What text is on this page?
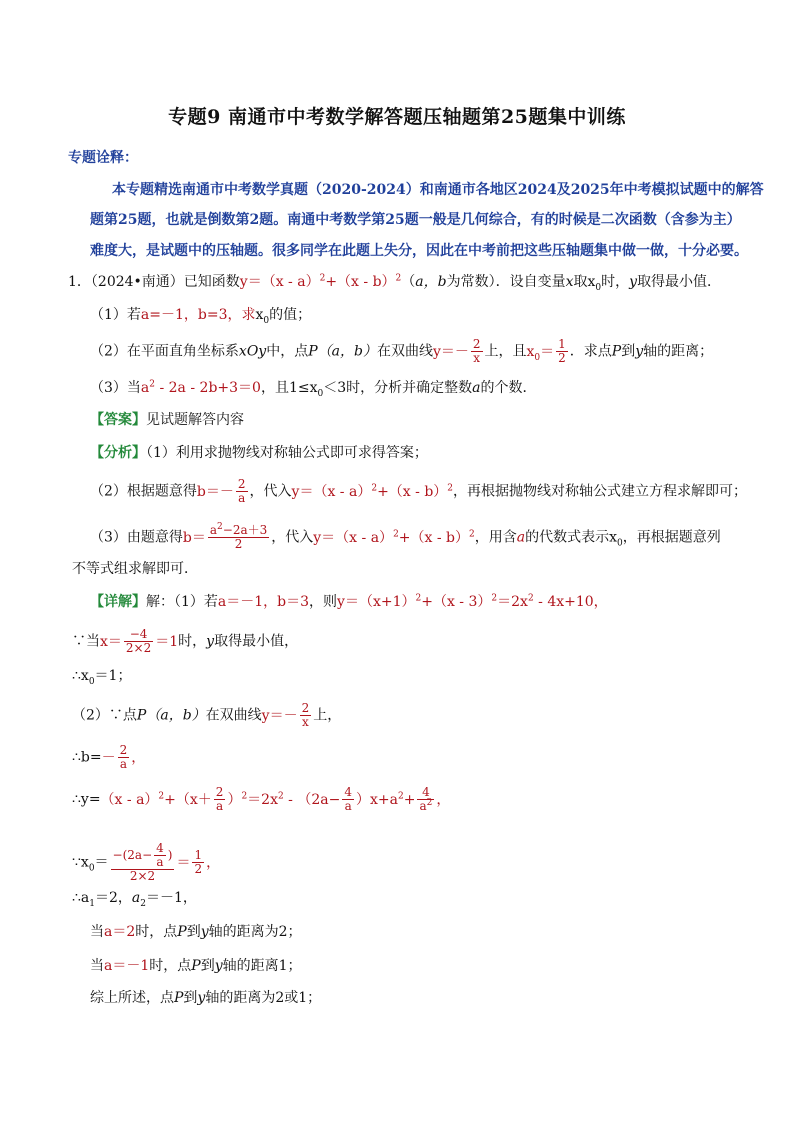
专题9 南通市中考数学解答题压轴题第25题集中训练
专题诠释：
本专题精选南通市中考数学真题（2020-2024）和南通市各地区2024及2025年中考模拟试题中的解答
题第25题，也就是倒数第2题。南通中考数学第25题一般是几何综合，有的时候是二次函数（含参为主）
难度大，是试题中的压轴题。很多同学在此题上失分，因此在中考前把这些压轴题集中做一做，十分必要。
1．（2024•南通）已知函数y＝（x - a）$^2$+（x - b）$^2$（a，b为常数）．设自变量x取$x_0$时，y取得最小值．
（1）若a=－1，b=3，求$x_0$的值；
（2）在平面直角坐标系xOy中，点P（a，b）在双曲线$y=- \frac{2}{x}$ 上，且$x_0= \frac{1}{2}$ ．求点P到y轴的距离；
（3）当$a^2 - 2a - 2b+3=0$，且$1\le x_0<3$时，分析并确定整数a的个数．
【答案】见试题解答内容
【分析】（1）利用求抛物线对称轴公式即可求得答案；
（2）根据题意得$b=- \frac{2}{a}$ ，代入y＝（x - a）$^2$+（x - b）$^2$，再根据抛物线对称轴公式建立方程求解即可；
（3）由题意得$b= \frac{a^2-2a+3}{2}$ ，代入y＝（x - a）$^2$+（x - b）$^2$，用含a的代数式表示$x_0$，再根据题意列
不等式组求解即可．
【详解】解：（1）若a＝－1，b＝3，则$y=(x+1)^2+(x - 3)^2=2x^2 - 4x+10$，
∵当$x= \frac{-4}{2\times 2} =1$时，y取得最小值，
$\therefore x_0=1$；
（2）∵点P（a，b）在双曲线$y=- \frac{2}{x}$ 上，
∴b=－ $\frac{2}{a}$ ，
∴y=（x - $a)^2+(x+ \frac{2}{a} )^2=2x^2 - (2a- \frac{4}{a} )x+a^2+ \frac{4}{a^2}$ ，
$\because x_0= \frac{-(2a- \frac{4}{a} )}{2\times 2} = \frac{1}{2}$ ，
$\therefore a_1=2$，$a_2=-1$，
当a＝2时，点P到y轴的距离为2；
当a＝－1时，点P到y轴的距离1；
综上所述，点P到y轴的距离为2或1；
